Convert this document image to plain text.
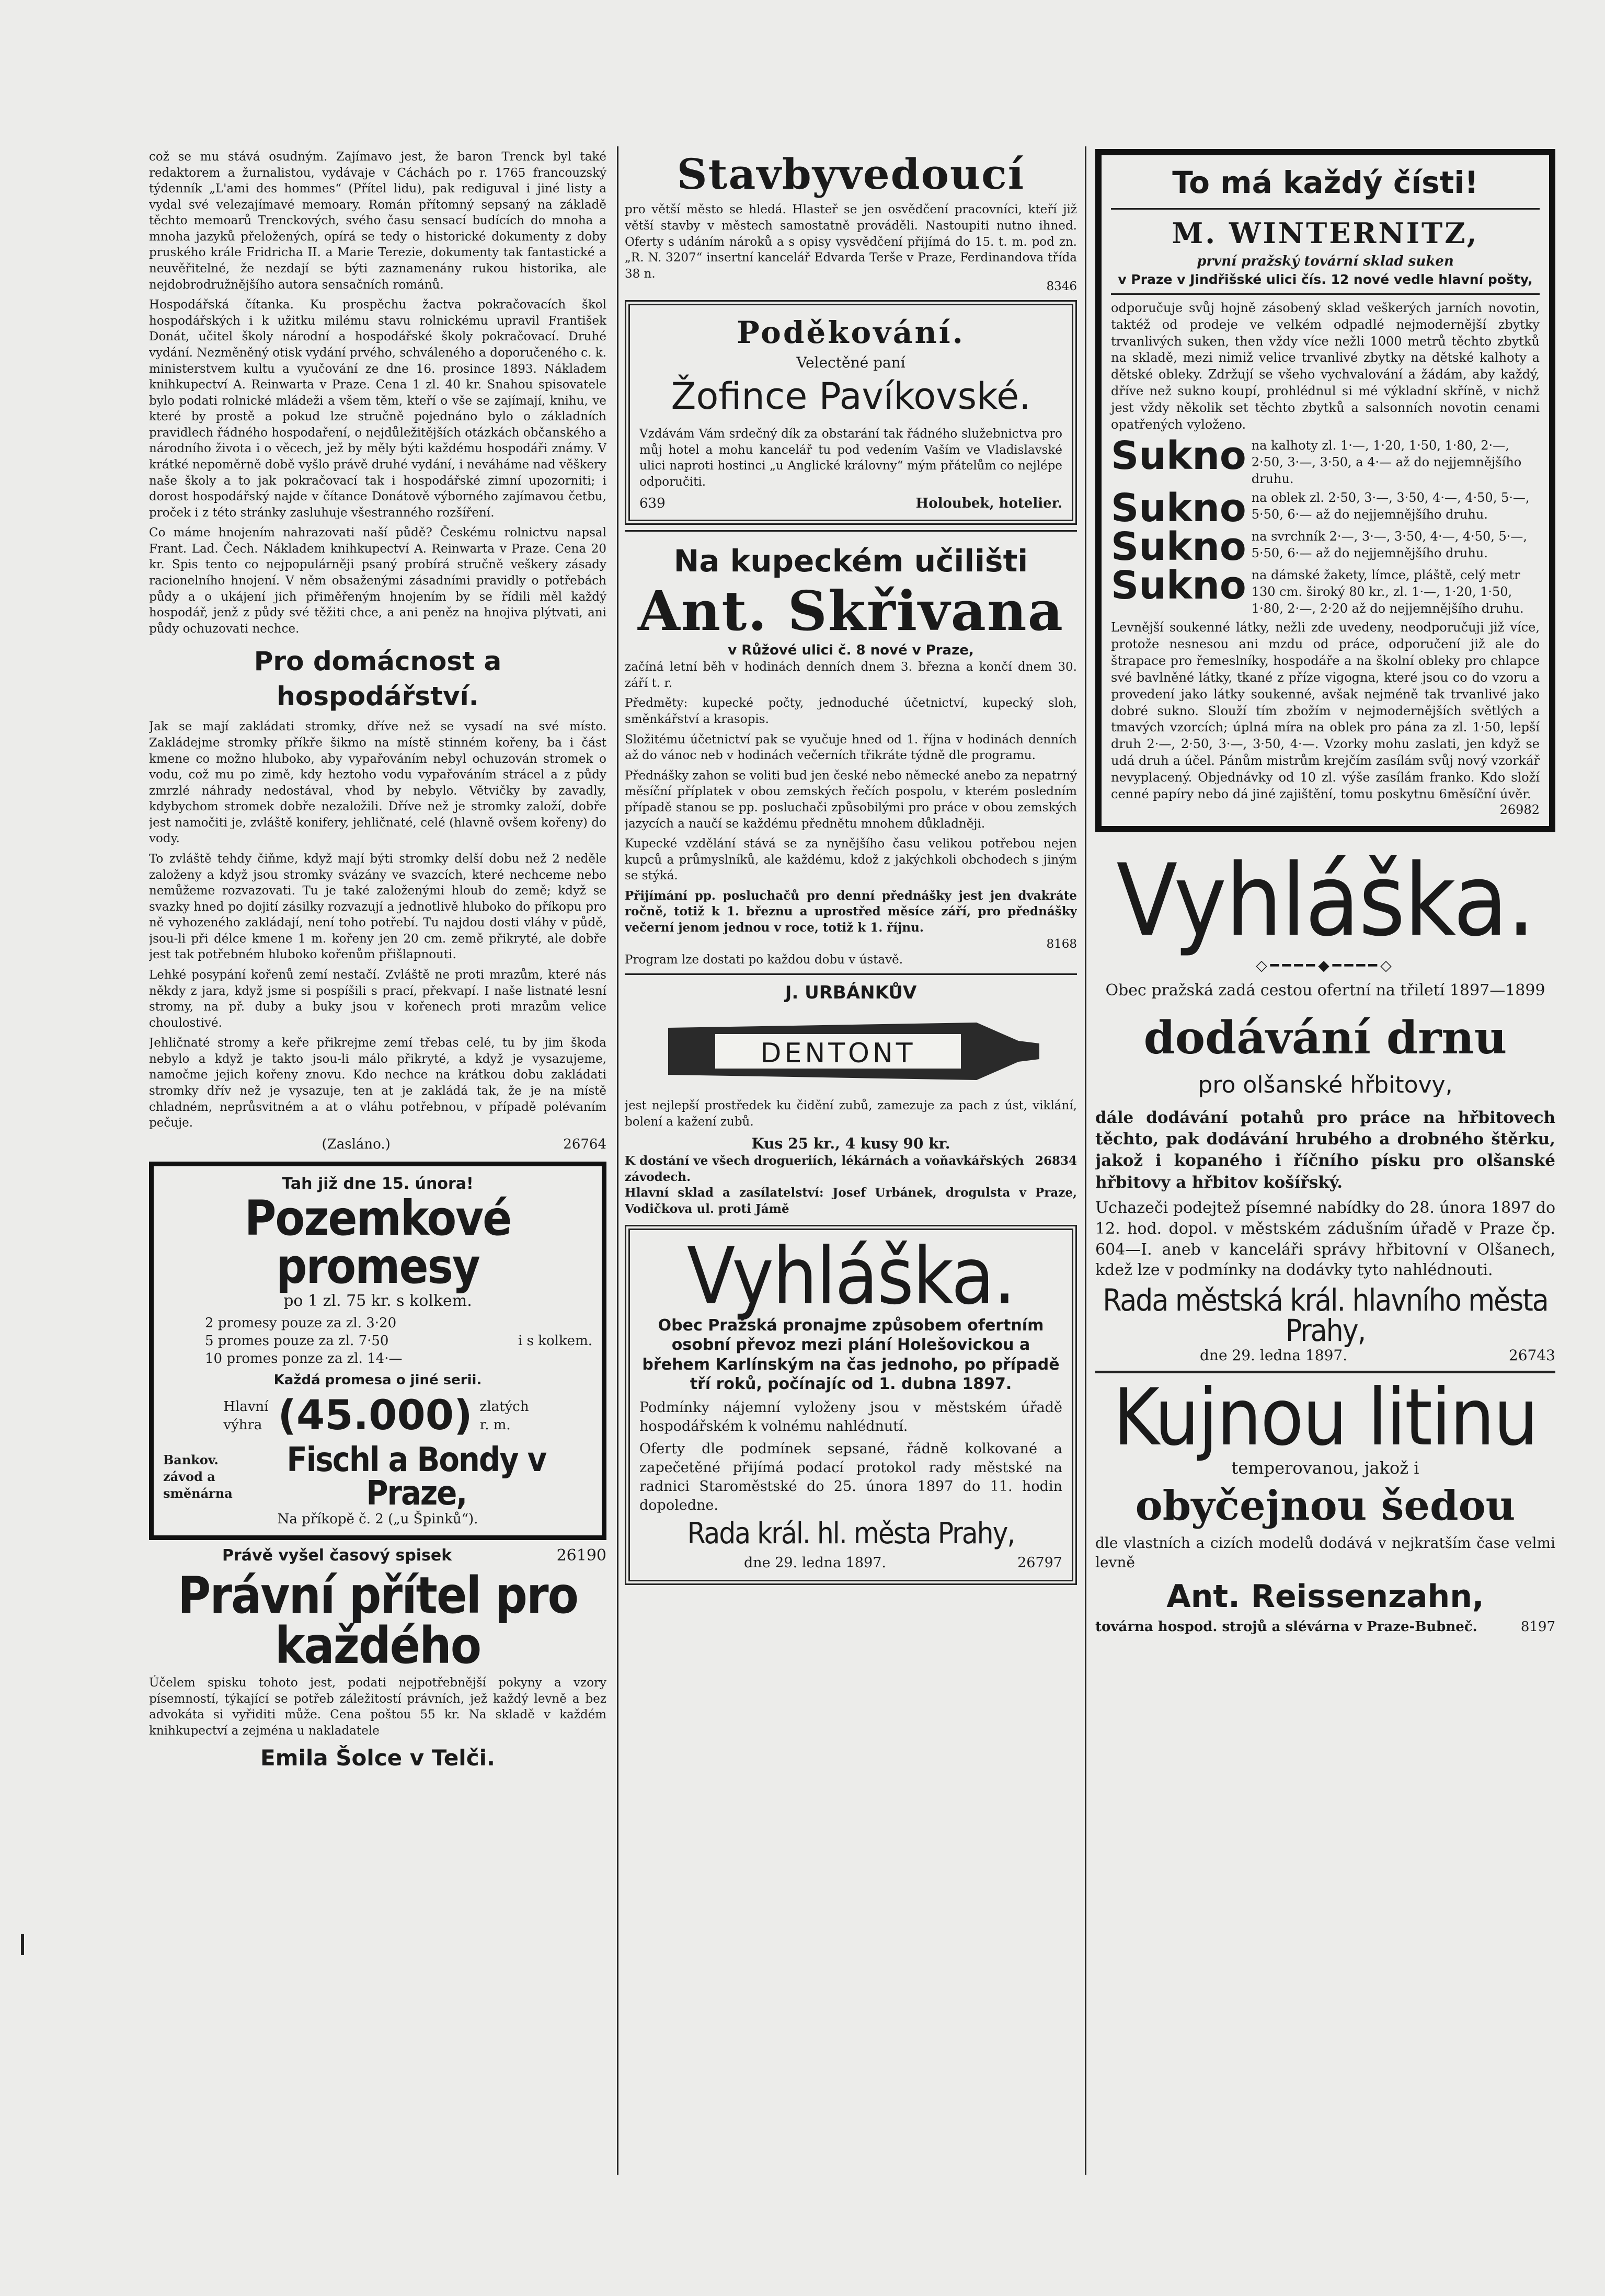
což se mu stává osudným. Zajímavo jest, že baron Trenck byl také redaktorem a žurnalistou, vydávaje v Cáchách po r. 1765 francouzský týdenník „L'ami des hommes“ (Přítel lidu), pak rediguval i jiné listy a vydal své velezajímavé memoary. Román přítomný sepsaný na základě těchto memoarů Trenckových, svého času sensací budících do mnoha a mnoha jazyků přeložených, opírá se tedy o historické dokumenty z doby pruského krále Fridricha II. a Marie Terezie, dokumenty tak fantastické a neuvěřitelné, že nezdají se býti zaznamenány rukou historika, ale nejdobrodružnějšího autora sensačních románů.

Hospodářská čítanka. Ku prospěchu žactva pokračovacích škol hospodářských i k užitku milému stavu rolnickému upravil František Donát, učitel školy národní a hospodářské školy pokračovací. Druhé vydání. Nezměněný otisk vydání prvého, schváleného a doporučeného c. k. ministerstvem kultu a vyučování ze dne 16. prosince 1893. Nákladem knihkupectví A. Reinwarta v Praze. Cena 1 zl. 40 kr. Snahou spisovatele bylo podati rolnické mládeži a všem těm, kteří o vše se zajímají, knihu, ve které by prostě a pokud lze stručně pojednáno bylo o základních pravidlech řádného hospodaření, o nejdůležitějších otázkách občanského a národního života i o věcech, jež by měly býti každému hospodáři známy. V krátké nepoměrně době vyšlo právě druhé vydání, i neváháme nad věškery naše školy a to jak pokračovací tak i hospodářské zimní upozorniti; i dorost hospodářský najde v čítance Donátově výborného zajímavou četbu, proček i z této stránky zasluhuje všestranného rozšíření.

Co máme hnojením nahrazovati naší půdě? Českému rolnictvu napsal Frant. Lad. Čech. Nákladem knihkupectví A. Reinwarta v Praze. Cena 20 kr. Spis tento co nejpopulárněji psaný probírá stručně veškery zásady racionelního hnojení. V něm obsaženými zásadními pravidly o potřebách půdy a o ukájení jich přiměřeným hnojením by se řídili měl každý hospodář, jenž z půdy své těžiti chce, a ani peněz na hnojiva plýtvati, ani půdy ochuzovati nechce.

Pro domácnost a hospodářství.

Jak se mají zakládati stromky, dříve než se vysadí na své místo. Zakládejme stromky příkře šikmo na místě stinném kořeny, ba i část kmene co možno hluboko, aby vypařováním nebyl ochuzován stromek o vodu, což mu po zimě, kdy heztoho vodu vypařováním strácel a z půdy zmrzlé náhrady nedostával, vhod by nebylo. Větvičky by zavadly, kdybychom stromek dobře nezaložili. Dříve než je stromky založí, dobře jest namočiti je, zvláště konifery, jehličnaté, celé (hlavně ovšem kořeny) do vody.

To zvláště tehdy čiňme, když mají býti stromky delší dobu než 2 neděle založeny a když jsou stromky svázány ve svazcích, které nechceme nebo nemůžeme rozvazovati. Tu je také založenými hloub do země; když se svazky hned po dojití zásilky rozvazují a jednotlivě hluboko do příkopu pro ně vyhozeného zakládají, není toho potřebí. Tu najdou dosti vláhy v půdě, jsou-li při délce kmene 1 m. kořeny jen 20 cm. země přikryté, ale dobře jest tak potřebném hluboko kořenům přišlapnouti.

Lehké posypání kořenů zemí nestačí. Zvláště ne proti mrazům, které nás někdy z jara, když jsme si pospíšili s prací, překvapí. I naše listnaté lesní stromy, na př. duby a buky jsou v kořenech proti mrazům velice choulostivé.

Jehličnaté stromy a keře přikrejme zemí třebas celé, tu by jim škoda nebylo a když je takto jsou-li málo přikryté, a když je vysazujeme, namočme jejich kořeny znovu. Kdo nechce na krátkou dobu zakládati stromky dřív než je vysazuje, ten at je zakládá tak, že je na místě chladném, neprůsvitném a at o vláhu potřebnou, v případě polévaním pečuje.

(Zasláno.)	26764
Tah již dne 15. února!
Pozemkové promesy
po 1 zl. 75 kr. s kolkem.
2 promesy pouze za zl. 3·20
5 promes pouze za zl. 7·50
10 promes ponze za zl. 14·—
i s kolkem.
Každá promesa o jiné serii.
Hlavní výhra (45.000) zlatých r. m.
Bankov. závod a směnárna
Fischl a Bondy v Praze,
Na příkopě č. 2 („u Špinků“).
Právě vyšel časový spisek	26190
Právní přítel pro každého

Účelem spisku tohoto jest, podati nejpotřebnější pokyny a vzory písemností, týkající se potřeb záležitostí právních, jež každý levně a bez advokáta si vyřiditi může. Cena poštou 55 kr. Na skladě v každém knihkupectví a zejména u nakladatele

Emila Šolce v Telči.
Stavbyvedoucí

pro větší město se hledá. Hlasteř se jen osvědčení pracovníci, kteří již větší stavby v městech samostatně prováděli. Nastoupiti nutno ihned. Oferty s udáním nároků a s opisy vysvědčení přijímá do 15. t. m. pod zn. „R. N. 3207“ insertní kancelář Edvarda Terše v Praze, Ferdinandova třída 38 n.

8346
Poděkování.
Velectěné paní
Žofince Pavíkovské.

Vzdávám Vám srdečný dík za obstarání tak řádného služebnictva pro můj hotel a mohu kancelář tu pod vedením Vaším ve Vladislavské ulici naproti hostinci „u Anglické královny“ mým přátelům co nejlépe odporučiti.

639	Holoubek, hotelier.
Na kupeckém učilišti
Ant. Skřivana
v Růžové ulici č. 8 nové v Praze,

začíná letní běh v hodinách denních dnem 3. března a končí dnem 30. září t. r.

Předměty: kupecké počty, jednoduché účetnictví, kupecký sloh, směnkářství a krasopis.

Složitému účetnictví pak se vyučuje hned od 1. října v hodinách denních až do vánoc neb v hodinách večerních třikráte týdně dle programu.

Přednášky zahon se voliti bud jen české nebo německé anebo za nepatrný měsíční příplatek v obou zemských řečích pospolu, v kterém posledním případě stanou se pp. posluchači způsobilými pro práce v obou zemských jazycích a naučí se každému přednětu mnohem důkladněji.

Kupecké vzdělání stává se za nynějšího času velikou potřebou nejen kupců a průmyslníků, ale každému, kdož z jakýchkoli obchodech s jiným se stýká.

Přijímání pp. posluchačů pro denní přednášky jest jen dvakráte ročně, totiž k 1. březnu a uprostřed měsíce září, pro přednášky večerní jenom jednou v roce, totiž k 1. říjnu.

8168

Program lze dostati po každou dobu v ústavě.

J. URBÁNKŮV
DENTONT

jest nejlepší prostředek ku čidění zubů, zamezuje za pach z úst, viklání, bolení a kažení zubů.

Kus 25 kr., 4 kusy 90 kr.
K dostání ve všech drogueriích, lékárnách a voňavkářských závodech.
26834

Hlavní sklad a zasílatelství: Josef Urbánek, drogulsta v Praze, Vodičkova ul. proti Jámě

Vyhláška.

Obec Pražská pronajme způsobem ofertním osobní převoz mezi plání Holešovickou a břehem Karlínským na čas jednoho, po případě tří roků, počínajíc od 1. dubna 1897.

Podmínky nájemní vyloženy jsou v městském úřadě hospodářském k volnému nahlédnutí.

Oferty dle podmínek sepsané, řádně kolkované a zapečetěné přijímá podací protokol rady městské na radnici Staroměstské do 25. února 1897 do 11. hodin dopoledne.

Rada král. hl. města Prahy,
dne 29. ledna 1897.	26797
To má každý čísti!
M. WINTERNITZ,
první pražský tovární sklad suken
v Praze v Jindřišské ulici čís. 12 nové vedle hlavní pošty,

odporučuje svůj hojně zásobený sklad veškerých jarních novotin, taktéž od prodeje ve velkém odpadlé nejmodernější zbytky trvanlivých suken, then vždy více nežli 1000 metrů těchto zbytků na skladě, mezi nimiž velice trvanlivé zbytky na dětské kalhoty a dětské obleky. Zdržují se všeho vychvalování a žádám, aby každý, dříve než sukno koupí, prohlédnul si mé výkladní skříně, v nichž jest vždy několik set těchto zbytků a salsonních novotin cenami opatřených vyloženo.

Sukno na kalhoty zl. 1·—, 1·20, 1·50, 1·80, 2·—, 2·50, 3·—, 3·50, a 4·— až do nejjemnějšího druhu.
Sukno na oblek zl. 2·50, 3·—, 3·50, 4·—, 4·50, 5·—, 5·50, 6·— až do nejjemnějšího druhu.
Sukno na svrchník 2·—, 3·—, 3·50, 4·—, 4·50, 5·—, 5·50, 6·— až do nejjemnějšího druhu.
Sukno na dámské žakety, límce, pláště, celý metr 130 cm. široký 80 kr., zl. 1·—, 1·20, 1·50, 1·80, 2·—, 2·20 až do nejjemnějšího druhu.

Levnější soukenné látky, nežli zde uvedeny, neodporučuji již více, protože nesnesou ani mzdu od práce, odporučení již ale do štrapace pro řemeslníky, hospodáře a na školní obleky pro chlapce své bavlněné látky, tkané z příze vigogna, které jsou co do vzoru a provedení jako látky soukenné, avšak nejméně tak trvanlivé jako dobré sukno. Slouží tím zbožím v nejmodernějších světlých a tmavých vzorcích; úplná míra na oblek pro pána za zl. 1·50, lepší druh 2·—, 2·50, 3·—, 3·50, 4·—. Vzorky mohu zaslati, jen když se udá druh a účel. Pánům mistrům krejčím zasílám svůj nový vzorkář nevyplacený. Objednávky od 10 zl. výše zasílám franko. Kdo složí cenné papíry nebo dá jiné zajištění, tomu poskytnu 6měsíční úvěr.

26982
Vyhláška.
◇━━━━◆━━━━◇
Obec pražská zadá cestou ofertní na třiletí 1897—1899
dodávání drnu
pro olšanské hřbitovy,

dále dodávání potahů pro práce na hřbitovech těchto, pak dodávání hrubého a drobného štěrku, jakož i kopaného i říčního písku pro olšanské hřbitovy a hřbitov košířský.

Uchazeči podejtež písemné nabídky do 28. února 1897 do 12. hod. dopol. v městském zádušním úřadě v Praze čp. 604—I. aneb v kanceláři správy hřbitovní v Olšanech, kdež lze v podmínky na dodávky tyto nahlédnouti.

Rada městská král. hlavního města Prahy,
dne 29. ledna 1897.	26743
Kujnou litinu
temperovanou, jakož i
obyčejnou šedou

dle vlastních a cizích modelů dodává v nejkratším čase velmi levně

Ant. Reissenzahn,
továrna hospod. strojů a slévárna v Praze-Bubneč.	8197
